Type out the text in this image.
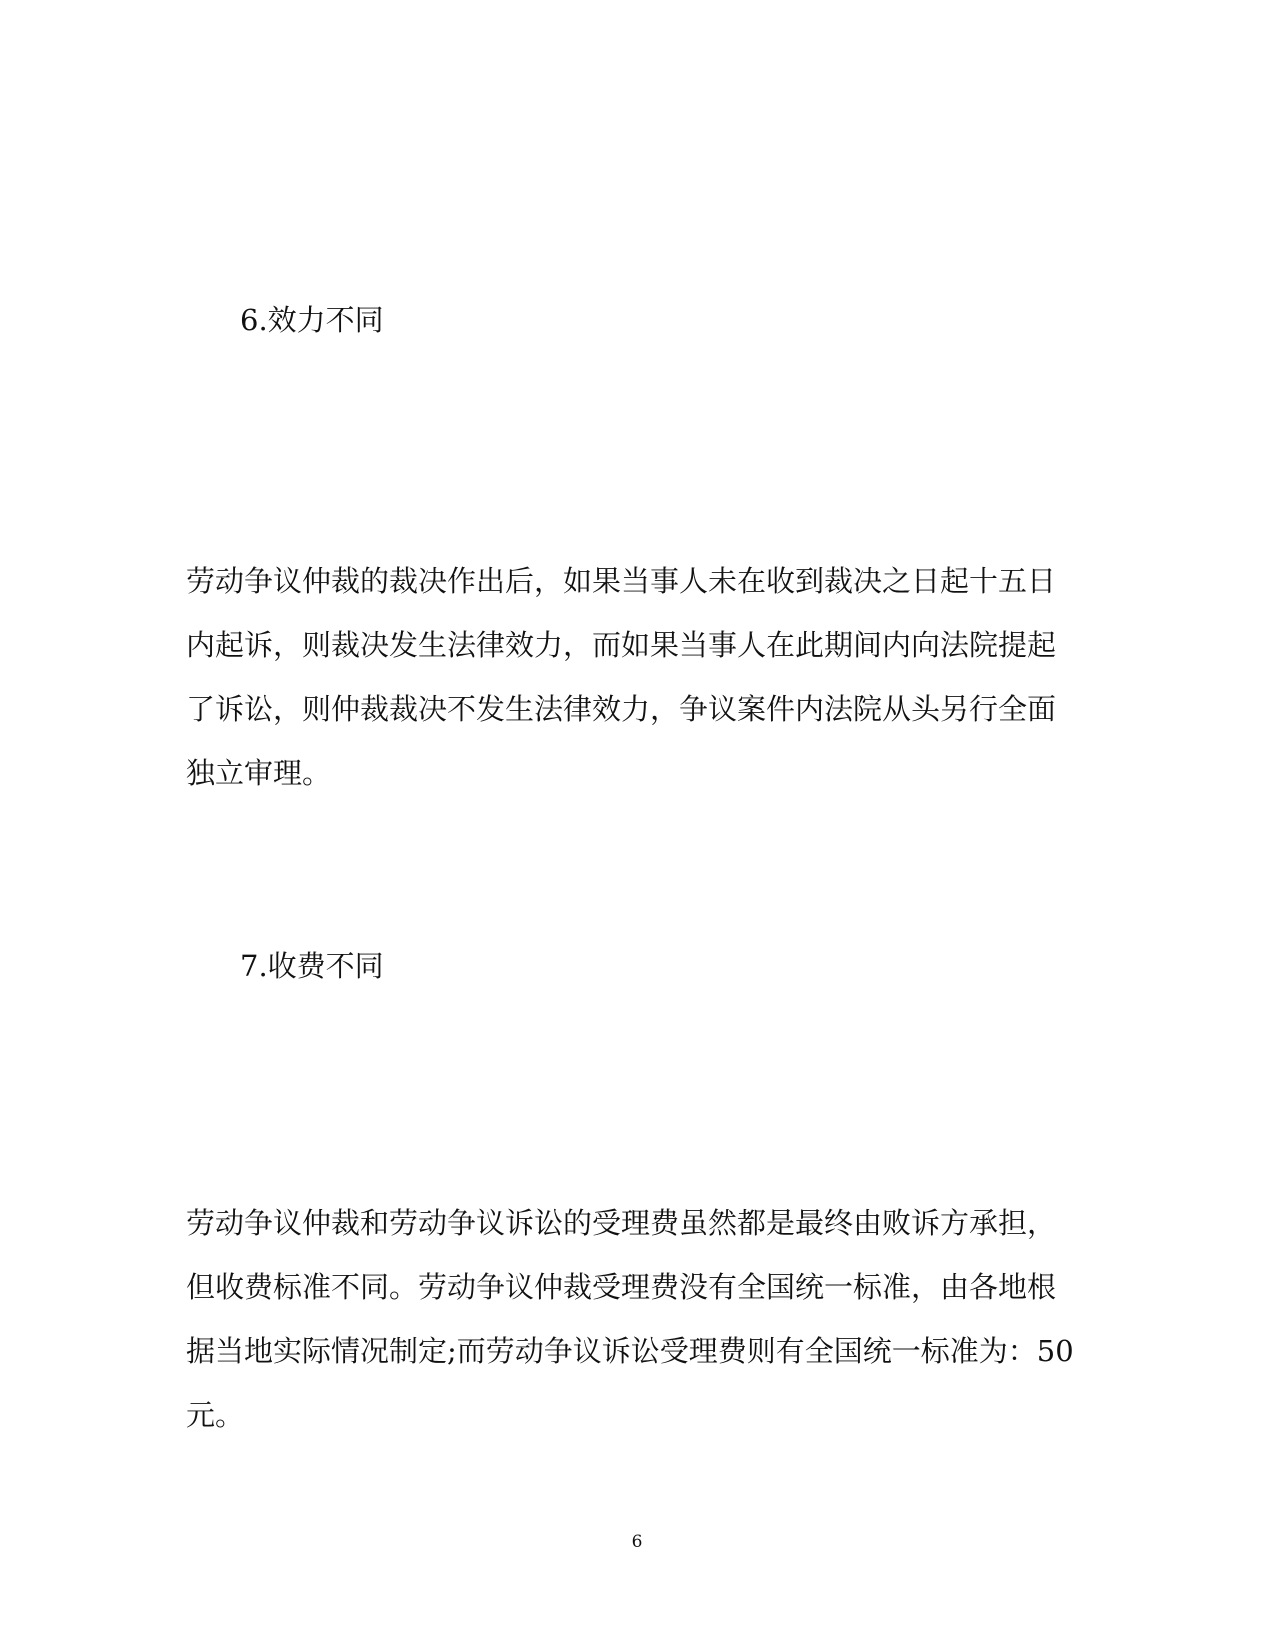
6.效力不同
劳动争议仲裁的裁决作出后，如果当事人未在收到裁决之日起十五日
内起诉，则裁决发生法律效力，而如果当事人在此期间内向法院提起
了诉讼，则仲裁裁决不发生法律效力，争议案件内法院从头另行全面
独立审理。
7.收费不同
劳动争议仲裁和劳动争议诉讼的受理费虽然都是最终由败诉方承担，
但收费标准不同。劳动争议仲裁受理费没有全国统一标准，由各地根
据当地实际情况制定;而劳动争议诉讼受理费则有全国统一标准为：50
元。
6
